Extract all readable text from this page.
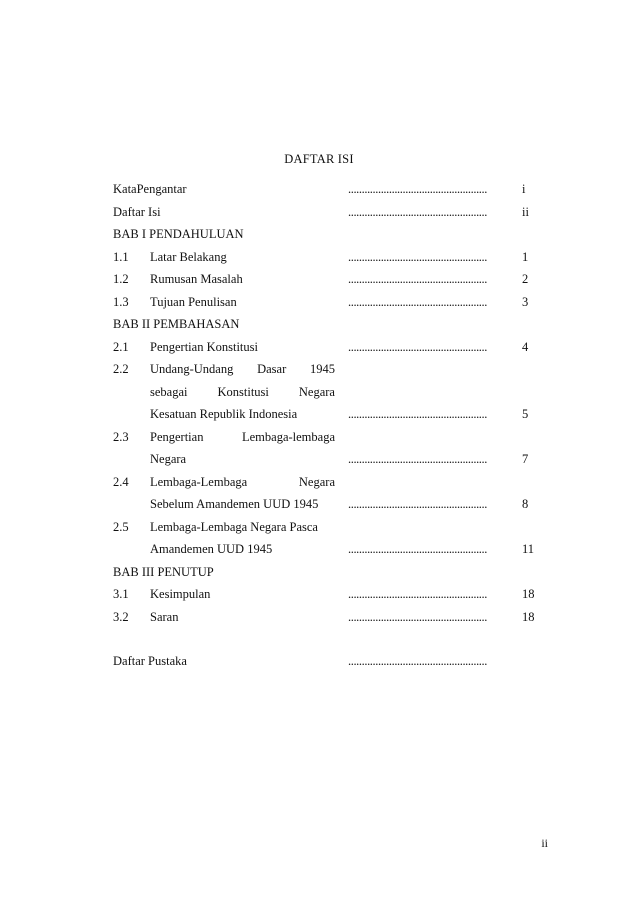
DAFTAR ISI
KataPengantar	...................................................	i
Daftar Isi	...................................................	ii
BAB I PENDAHULUAN
1.1 Latar Belakang	...................................................	1
1.2 Rumusan Masalah	...................................................	2
1.3 Tujuan Penulisan	...................................................	3
BAB II PEMBAHASAN
2.1 Pengertian Konstitusi	...................................................	4
2.2 Undang-Undang Dasar 1945
sebagai Konstitusi Negara
Kesatuan Republik Indonesia	...................................................	5
2.3 Pengertian	Lembaga-lembaga
Negara	...................................................	7
2.4 Lembaga-Lembaga	Negara
Sebelum Amandemen UUD 1945 ...................................................	8
2.5 Lembaga-Lembaga Negara Pasca
Amandemen UUD 1945	...................................................	11
BAB III PENUTUP
3.1 Kesimpulan	...................................................	18
3.2 Saran	...................................................	18
Daftar Pustaka	...................................................
ii
